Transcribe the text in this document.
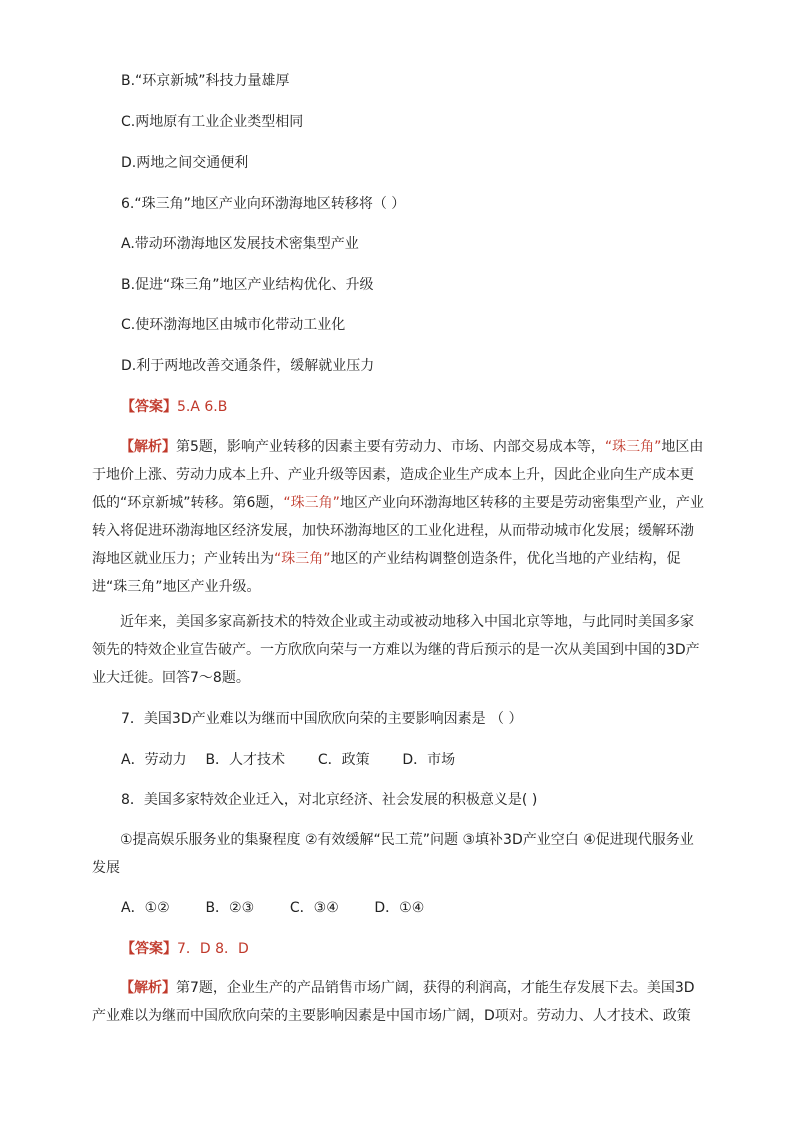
B.“环京新城”科技力量雄厚
C.两地原有工业企业类型相同
D.两地之间交通便利
6.“珠三角”地区产业向环渤海地区转移将（ ）
A.带动环渤海地区发展技术密集型产业
B.促进“珠三角”地区产业结构优化、升级
C.使环渤海地区由城市化带动工业化
D.利于两地改善交通条件，缓解就业压力
【答案】5.A 6.B
【解析】第5题，影响产业转移的因素主要有劳动力、市场、内部交易成本等，“珠三角”地区由于地价上涨、劳动力成本上升、产业升级等因素，造成企业生产成本上升，因此企业向生产成本更低的“环京新城”转移。第6题，“珠三角”地区产业向环渤海地区转移的主要是劳动密集型产业，产业转入将促进环渤海地区经济发展，加快环渤海地区的工业化进程，从而带动城市化发展；缓解环渤海地区就业压力；产业转出为“珠三角”地区的产业结构调整创造条件，优化当地的产业结构，促进“珠三角”地区产业升级。
近年来，美国多家高新技术的特效企业或主动或被动地移入中国北京等地，与此同时美国多家领先的特效企业宣告破产。一方欣欣向荣与一方难以为继的背后预示的是一次从美国到中国的3D产业大迁徙。回答7～8题。
7．美国3D产业难以为继而中国欣欣向荣的主要影响因素是 （ ）
A．劳动力 B．人才技术 C．政策 D．市场
8．美国多家特效企业迁入，对北京经济、社会发展的积极意义是( )
①提高娱乐服务业的集聚程度 ②有效缓解“民工荒”问题 ③填补3D产业空白 ④促进现代服务业发展
A．①②	B．②③	C．③④	D．①④
【答案】7．D 8．D
【解析】第7题，企业生产的产品销售市场广阔，获得的利润高，才能生存发展下去。美国3D产业难以为继而中国欣欣向荣的主要影响因素是中国市场广阔，D项对。劳动力、人才技术、政策
